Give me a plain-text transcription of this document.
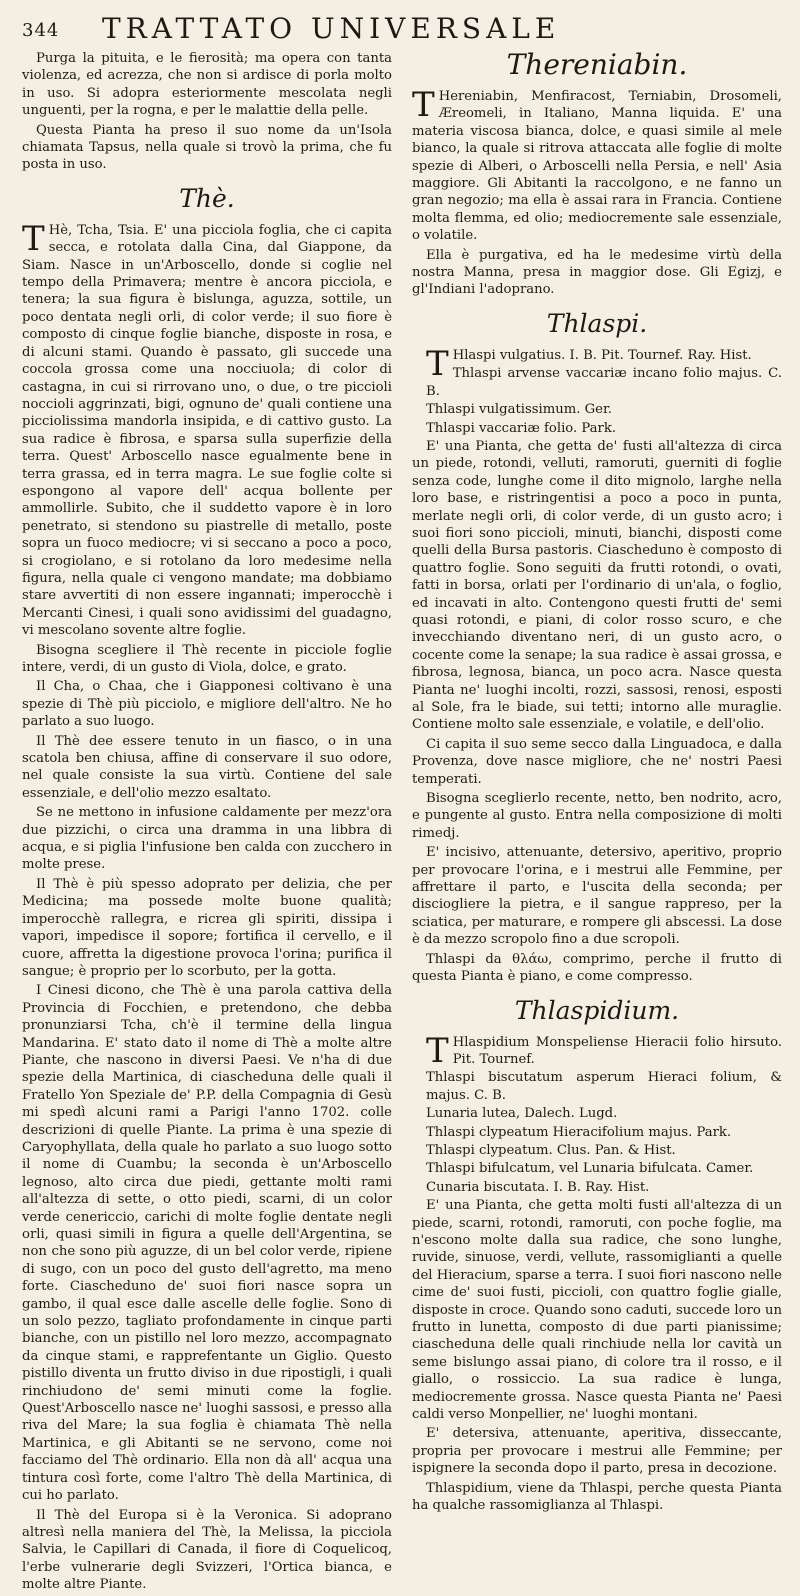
344 TRATTATO UNIVERSALE

Purga la pituita, e le fierosità; ma opera con tanta violenza, ed acrezza, che non si ardisce di porla molto in uso. Si adopra esteriormente mescolata negli unguenti, per la rogna, e per le malattie della pelle.

Questa Pianta ha preso il suo nome da un'Isola chiamata Tapsus, nella quale si trovò la prima, che fu posta in uso.

Thè.

T Hè, Tcha, Tsia. E' una picciola foglia, che ci capita secca, e rotolata dalla Cina, dal Giappone, da Siam. Nasce in un'Arboscello, donde si coglie nel tempo della Primavera; mentre è ancora picciola, e tenera; la sua figura è bislunga, aguzza, sottile, un poco dentata negli orli, di color verde; il suo fiore è composto di cinque foglie bianche, disposte in rosa, e di alcuni stami. Quando è passato, gli succede una coccola grossa come una nocciuola; di color di castagna, in cui si rirrovano uno, o due, o tre piccioli noccioli aggrinzati, bigi, ognuno de' quali contiene una picciolissima mandorla insipida, e di cattivo gusto. La sua radice è fibrosa, e sparsa sulla superfizie della terra. Quest' Arboscello nasce egualmente bene in terra grassa, ed in terra magra. Le sue foglie colte si espongono al vapore dell' acqua bollente per ammollirle. Subito, che il suddetto vapore è in loro penetrato, si stendono su piastrelle di metallo, poste sopra un fuoco mediocre; vi si seccano a poco a poco, si crogiolano, e si rotolano da loro medesime nella figura, nella quale ci vengono mandate; ma dobbiamo stare avvertiti di non essere ingannati; imperocchè i Mercanti Cinesi, i quali sono avidissimi del guadagno, vi mescolano sovente altre foglie.

Bisogna scegliere il Thè recente in picciole foglie intere, verdi, di un gusto di Viola, dolce, e grato.

Il Cha, o Chaa, che i Giapponesi coltivano è una spezie di Thè più picciolo, e migliore dell'altro. Ne ho parlato a suo luogo.

Il Thè dee essere tenuto in un fiasco, o in una scatola ben chiusa, affine di conservare il suo odore, nel quale consiste la sua virtù. Contiene del sale essenziale, e dell'olio mezzo esaltato.

Se ne mettono in infusione caldamente per mezz'ora due pizzichi, o circa una dramma in una libbra di acqua, e si piglia l'infusione ben calda con zucchero in molte prese.

Il Thè è più spesso adoprato per delizia, che per Medicina; ma possede molte buone qualità; imperocchè rallegra, e ricrea gli spiriti, dissipa i vapori, impedisce il sopore; fortifica il cervello, e il cuore, affretta la digestione provoca l'orina; purifica il sangue; è proprio per lo scorbuto, per la gotta.

I Cinesi dicono, che Thè è una parola cattiva della Provincia di Focchien, e pretendono, che debba pronunziarsi Tcha, ch'è il termine della lingua Mandarina. E' stato dato il nome di Thè a molte altre Piante, che nascono in diversi Paesi. Ve n'ha di due spezie della Martinica, di ciascheduna delle quali il Fratello Yon Speziale de' P.P. della Compagnia di Gesù mi spedì alcuni rami a Parigi l'anno 1702. colle descrizioni di quelle Piante. La prima è una spezie di Caryophyllata, della quale ho parlato a suo luogo sotto il nome di Cuambu; la seconda è un'Arboscello legnoso, alto circa due piedi, gettante molti rami all'altezza di sette, o otto piedi, scarni, di un color verde cenericcio, carichi di molte foglie dentate negli orli, quasi simili in figura a quelle dell'Argentina, se non che sono più aguzze, di un bel color verde, ripiene di sugo, con un poco del gusto dell'agretto, ma meno forte. Ciascheduno de' suoi fiori nasce sopra un gambo, il qual esce dalle ascelle delle foglie. Sono di un solo pezzo, tagliato profondamente in cinque parti bianche, con un pistillo nel loro mezzo, accompagnato da cinque stami, e rapprefentante un Giglio. Questo pistillo diventa un frutto diviso in due ripostigli, i quali rinchiudono de' semi minuti come la foglie. Quest'Arboscello nasce ne' luoghi sassosi, e presso alla riva del Mare; la sua foglia è chiamata Thè nella Martinica, e gli Abitanti se ne servono, come noi facciamo del Thè ordinario. Ella non dà all' acqua una tintura così forte, come l'altro Thè della Martinica, di cui ho parlato.

Il Thè del Europa si è la Veronica. Si adoprano altresì nella maniera del Thè, la Melissa, la picciola Salvia, le Capillari di Canada, il fiore di Coquelicoq, l'erbe vulnerarie degli Svizzeri, l'Ortica bianca, e molte altre Piante.

Thereniabin.

T Hereniabin, Menfiracost, Terniabin, Drosomeli, Æreomeli, in Italiano, Manna liquida. E' una materia viscosa bianca, dolce, e quasi simile al mele bianco, la quale si ritrova attaccata alle foglie di molte spezie di Alberi, o Arboscelli nella Persia, e nell' Asia maggiore. Gli Abitanti la raccolgono, e ne fanno un gran negozio; ma ella è assai rara in Francia. Contiene molta flemma, ed olio; mediocremente sale essenziale, o volatile.

Ella è purgativa, ed ha le medesime virtù della nostra Manna, presa in maggior dose. Gli Egizj, e gl'Indiani l'adoprano.

Thlaspi.

T Hlaspi vulgatius. I. B. Pit. Tournef. Ray. Hist.

Thlaspi arvense vaccariæ incano folio majus. C. B.

Thlaspi vulgatissimum. Ger.

Thlaspi vaccariæ folio. Park.

E' una Pianta, che getta de' fusti all'altezza di circa un piede, rotondi, velluti, ramoruti, guerniti di foglie senza code, lunghe come il dito mignolo, larghe nella loro base, e ristringentisi a poco a poco in punta, merlate negli orli, di color verde, di un gusto acro; i suoi fiori sono piccioli, minuti, bianchi, disposti come quelli della Bursa pastoris. Ciascheduno è composto di quattro foglie. Sono seguiti da frutti rotondi, o ovati, fatti in borsa, orlati per l'ordinario di un'ala, o foglio, ed incavati in alto. Contengono questi frutti de' semi quasi rotondi, e piani, di color rosso scuro, e che invecchiando diventano neri, di un gusto acro, o cocente come la senape; la sua radice è assai grossa, e fibrosa, legnosa, bianca, un poco acra. Nasce questa Pianta ne' luoghi incolti, rozzi, sassosi, renosi, esposti al Sole, fra le biade, sui tetti; intorno alle muraglie. Contiene molto sale essenziale, e volatile, e dell'olio.

Ci capita il suo seme secco dalla Linguadoca, e dalla Provenza, dove nasce migliore, che ne' nostri Paesi temperati.

Bisogna sceglierlo recente, netto, ben nodrito, acro, e pungente al gusto. Entra nella composizione di molti rimedj.

E' incisivo, attenuante, detersivo, aperitivo, proprio per provocare l'orina, e i mestrui alle Femmine, per affrettare il parto, e l'uscita della seconda; per disciogliere la pietra, e il sangue rappreso, per la sciatica, per maturare, e rompere gli abscessi. La dose è da mezzo scropolo fino a due scropoli.

Thlaspi da θλάω, comprimo, perche il frutto di questa Pianta è piano, e come compresso.

Thlaspidium.

T Hlaspidium Monspeliense Hieracii folio hirsuto. Pit. Tournef.

Thlaspi biscutatum asperum Hieraci folium, & majus. C. B.

Lunaria lutea, Dalech. Lugd.

Thlaspi clypeatum Hieracifolium majus. Park.

Thlaspi clypeatum. Clus. Pan. & Hist.

Thlaspi bifulcatum, vel Lunaria bifulcata. Camer.

Cunaria biscutata. I. B. Ray. Hist.

E' una Pianta, che getta molti fusti all'altezza di un piede, scarni, rotondi, ramoruti, con poche foglie, ma n'escono molte dalla sua radice, che sono lunghe, ruvide, sinuose, verdi, vellute, rassomiglianti a quelle del Hieracium, sparse a terra. I suoi fiori nascono nelle cime de' suoi fusti, piccioli, con quattro foglie gialle, disposte in croce. Quando sono caduti, succede loro un frutto in lunetta, composto di due parti pianissime; ciascheduna delle quali rinchiude nella lor cavità un seme bislungo assai piano, di colore tra il rosso, e il giallo, o rossiccio. La sua radice è lunga, mediocremente grossa. Nasce questa Pianta ne' Paesi caldi verso Monpellier, ne' luoghi montani.

E' detersiva, attenuante, aperitiva, disseccante, propria per provocare i mestrui alle Femmine; per ispignere la seconda dopo il parto, presa in decozione.

Thlaspidium, viene da Thlaspi, perche questa Pianta ha qualche rassomiglianza al Thlaspi.
